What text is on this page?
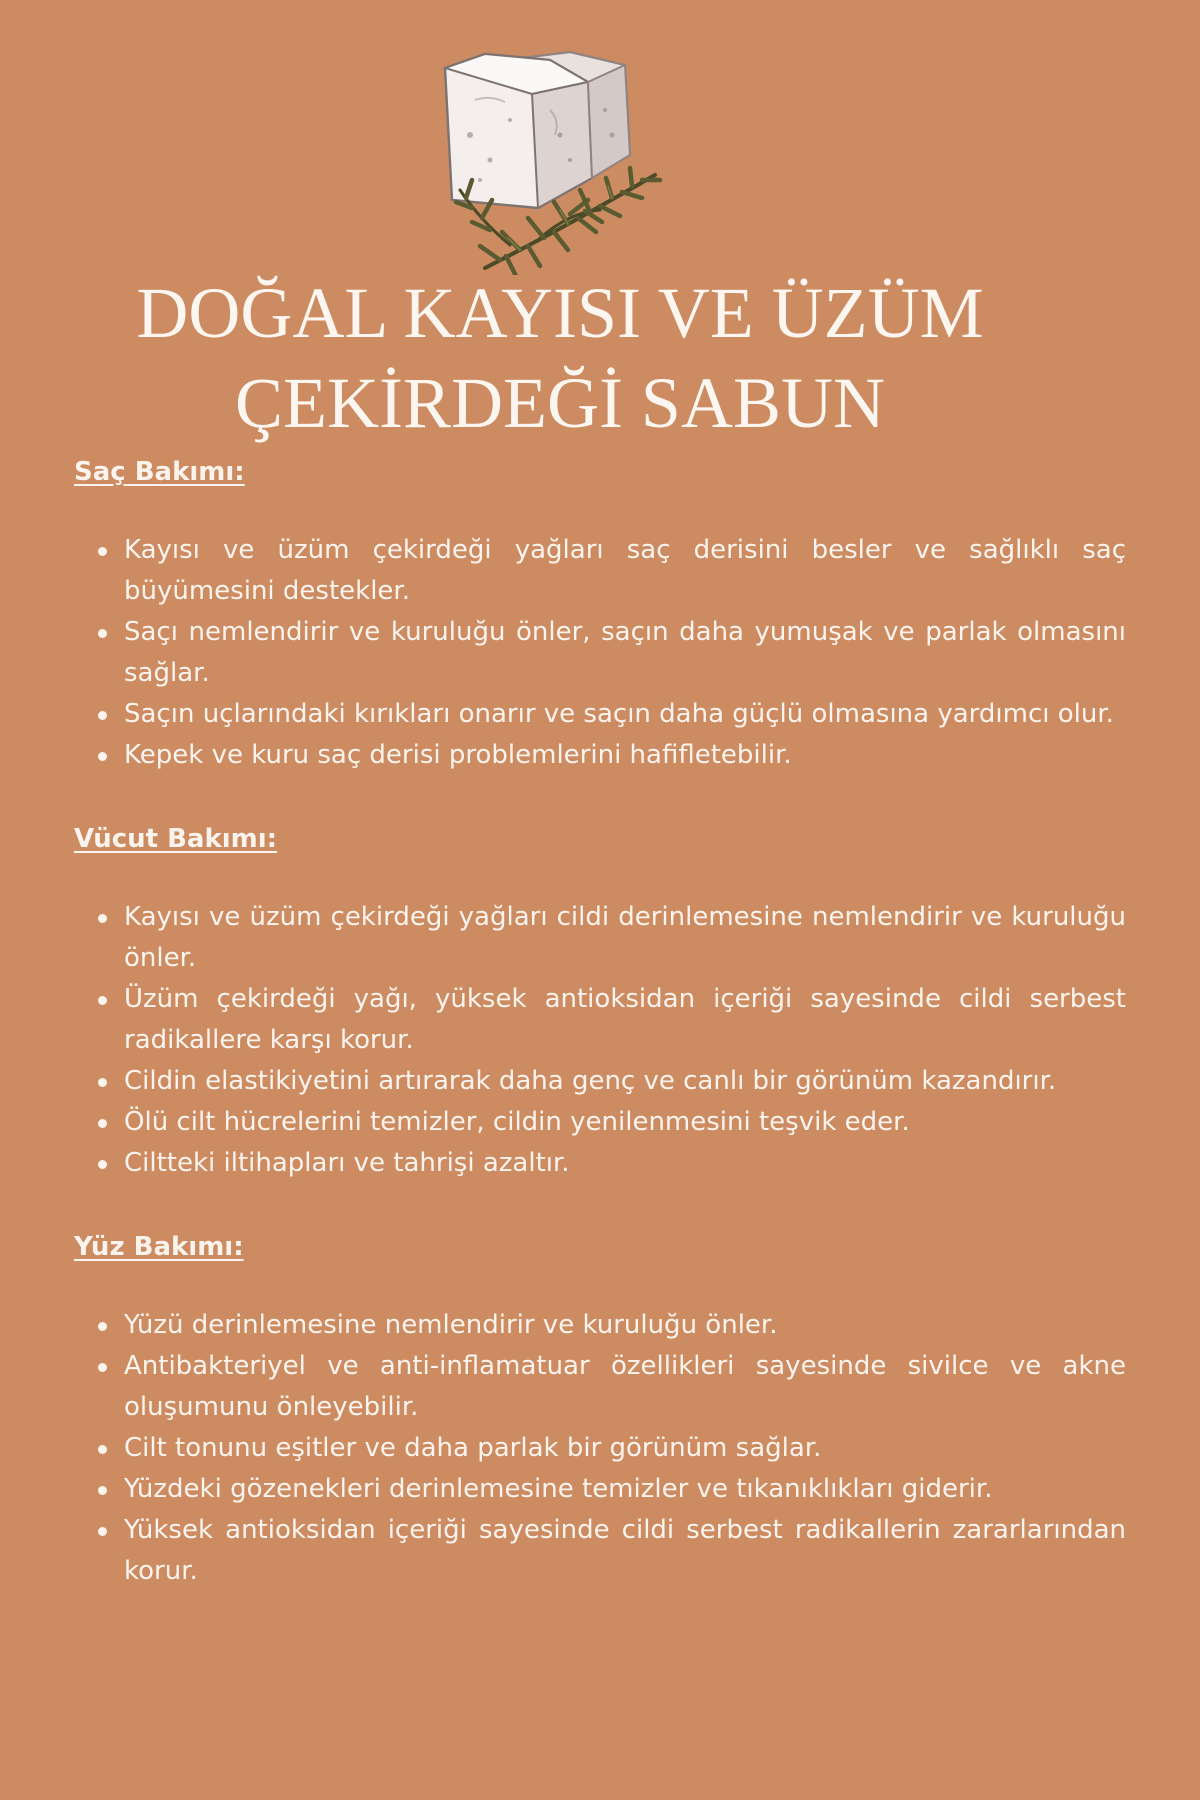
DOĞAL KAYISI VE ÜZÜM
ÇEKİRDEĞİ SABUN
Saç Bakımı:
Kayısı ve üzüm çekirdeği yağları saç derisini besler ve sağlıklı saç büyümesini destekler.
Saçı nemlendirir ve kuruluğu önler, saçın daha yumuşak ve parlak olmasını sağlar.
Saçın uçlarındaki kırıkları onarır ve saçın daha güçlü olmasına yardımcı olur.
Kepek ve kuru saç derisi problemlerini hafifletebilir.
Vücut Bakımı:
Kayısı ve üzüm çekirdeği yağları cildi derinlemesine nemlendirir ve kuruluğu önler.
Üzüm çekirdeği yağı, yüksek antioksidan içeriği sayesinde cildi serbest radikallere karşı korur.
Cildin elastikiyetini artırarak daha genç ve canlı bir görünüm kazandırır.
Ölü cilt hücrelerini temizler, cildin yenilenmesini teşvik eder.
Ciltteki iltihapları ve tahrişi azaltır.
Yüz Bakımı:
Yüzü derinlemesine nemlendirir ve kuruluğu önler.
Antibakteriyel ve anti-inflamatuar özellikleri sayesinde sivilce ve akne oluşumunu önleyebilir.
Cilt tonunu eşitler ve daha parlak bir görünüm sağlar.
Yüzdeki gözenekleri derinlemesine temizler ve tıkanıklıkları giderir.
Yüksek antioksidan içeriği sayesinde cildi serbest radikallerin zararlarından korur.
